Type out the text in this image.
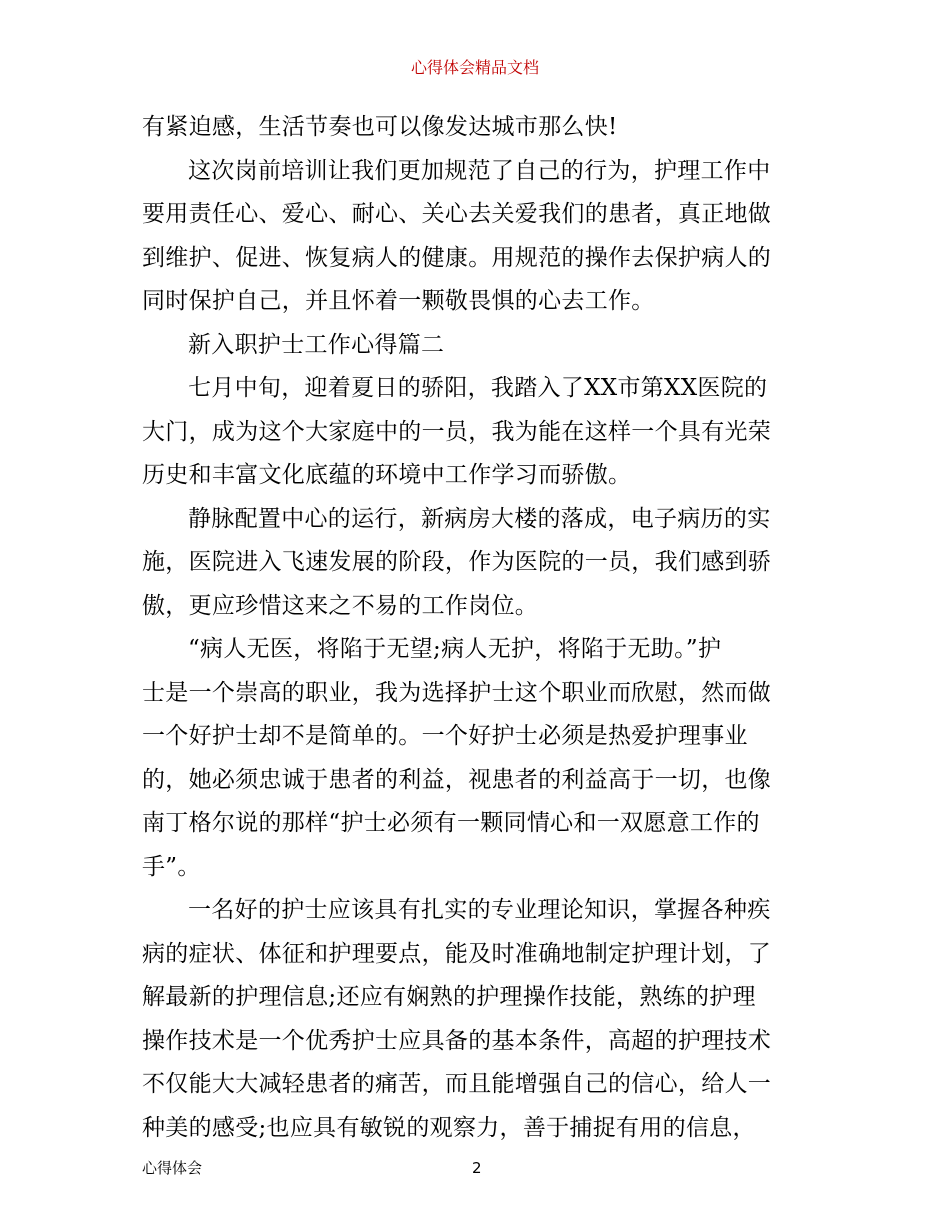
心得体会精品文档
有紧迫感，生活节奏也可以像发达城市那么快!
这次岗前培训让我们更加规范了自己的行为，护理工作中
要用责任心、爱心、耐心、关心去关爱我们的患者，真正地做
到维护、促进、恢复病人的健康。用规范的操作去保护病人的
同时保护自己，并且怀着一颗敬畏惧的心去工作。
新入职护士工作心得篇二
七月中旬，迎着夏日的骄阳，我踏入了XX市第XX医院的
大门，成为这个大家庭中的一员，我为能在这样一个具有光荣
历史和丰富文化底蕴的环境中工作学习而骄傲。
静脉配置中心的运行，新病房大楼的落成，电子病历的实
施，医院进入飞速发展的阶段，作为医院的一员，我们感到骄
傲，更应珍惜这来之不易的工作岗位。
“病人无医，将陷于无望;病人无护，将陷于无助。”护
士是一个崇高的职业，我为选择护士这个职业而欣慰，然而做
一个好护士却不是简单的。一个好护士必须是热爱护理事业
的，她必须忠诚于患者的利益，视患者的利益高于一切，也像
南丁格尔说的那样“护士必须有一颗同情心和一双愿意工作的
手”。
一名好的护士应该具有扎实的专业理论知识，掌握各种疾
病的症状、体征和护理要点，能及时准确地制定护理计划，了
解最新的护理信息;还应有娴熟的护理操作技能，熟练的护理
操作技术是一个优秀护士应具备的基本条件，高超的护理技术
不仅能大大减轻患者的痛苦，而且能增强自己的信心，给人一
种美的感受;也应具有敏锐的观察力，善于捕捉有用的信息，
心得体会	2
